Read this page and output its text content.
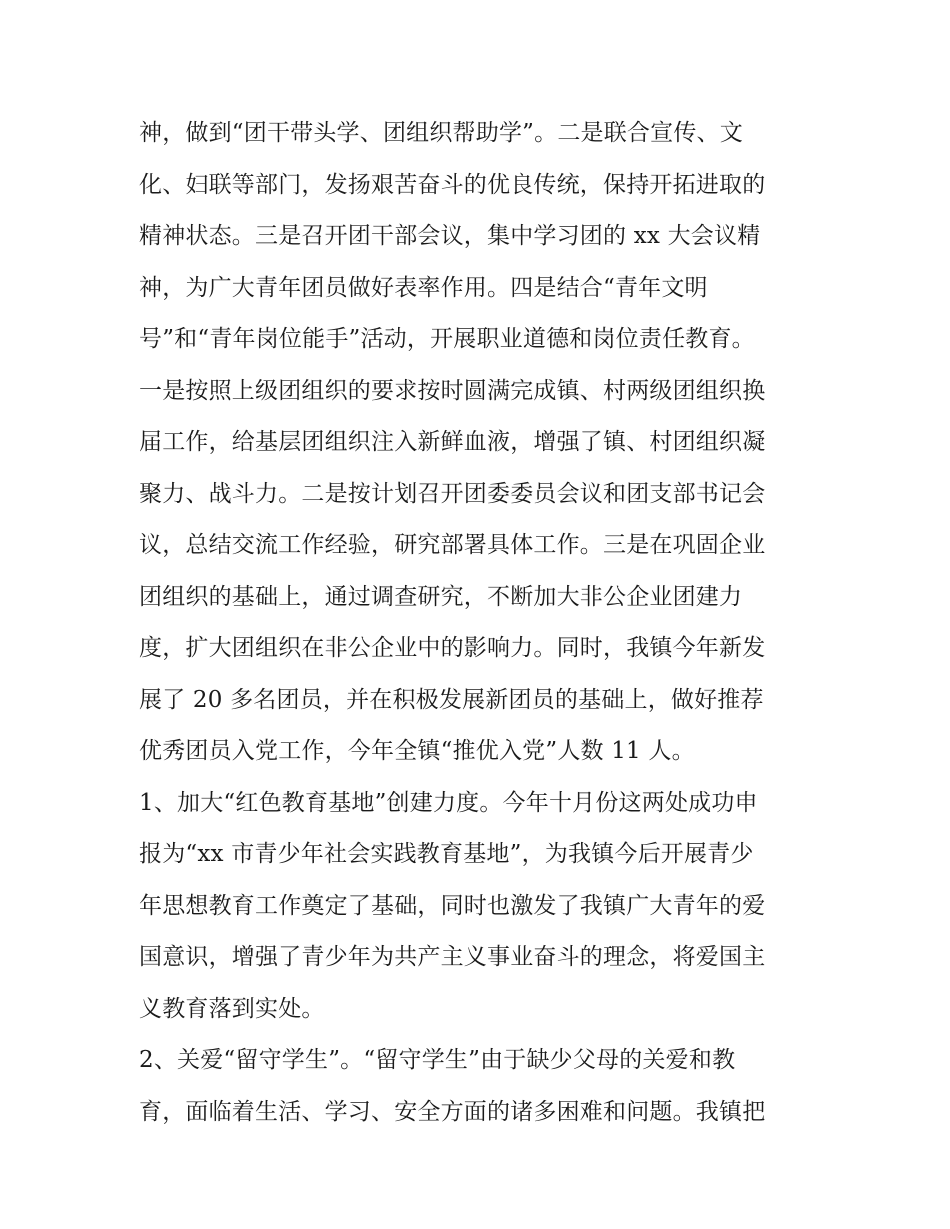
神，做到“团干带头学、团组织帮助学”。二是联合宣传、文
化、妇联等部门，发扬艰苦奋斗的优良传统，保持开拓进取的
精神状态。三是召开团干部会议，集中学习团的 xx 大会议精
神，为广大青年团员做好表率作用。四是结合“青年文明
号”和“青年岗位能手”活动，开展职业道德和岗位责任教育。
一是按照上级团组织的要求按时圆满完成镇、村两级团组织换
届工作，给基层团组织注入新鲜血液，增强了镇、村团组织凝
聚力、战斗力。二是按计划召开团委委员会议和团支部书记会
议，总结交流工作经验，研究部署具体工作。三是在巩固企业
团组织的基础上，通过调查研究，不断加大非公企业团建力
度，扩大团组织在非公企业中的影响力。同时，我镇今年新发
展了 20 多名团员，并在积极发展新团员的基础上，做好推荐
优秀团员入党工作，今年全镇“推优入党”人数 11 人。
1、加大“红色教育基地”创建力度。今年十月份这两处成功申
报为“xx 市青少年社会实践教育基地”，为我镇今后开展青少
年思想教育工作奠定了基础，同时也激发了我镇广大青年的爱
国意识，增强了青少年为共产主义事业奋斗的理念，将爱国主
义教育落到实处。
2、关爱“留守学生”。“留守学生”由于缺少父母的关爱和教
育，面临着生活、学习、安全方面的诸多困难和问题。我镇把
